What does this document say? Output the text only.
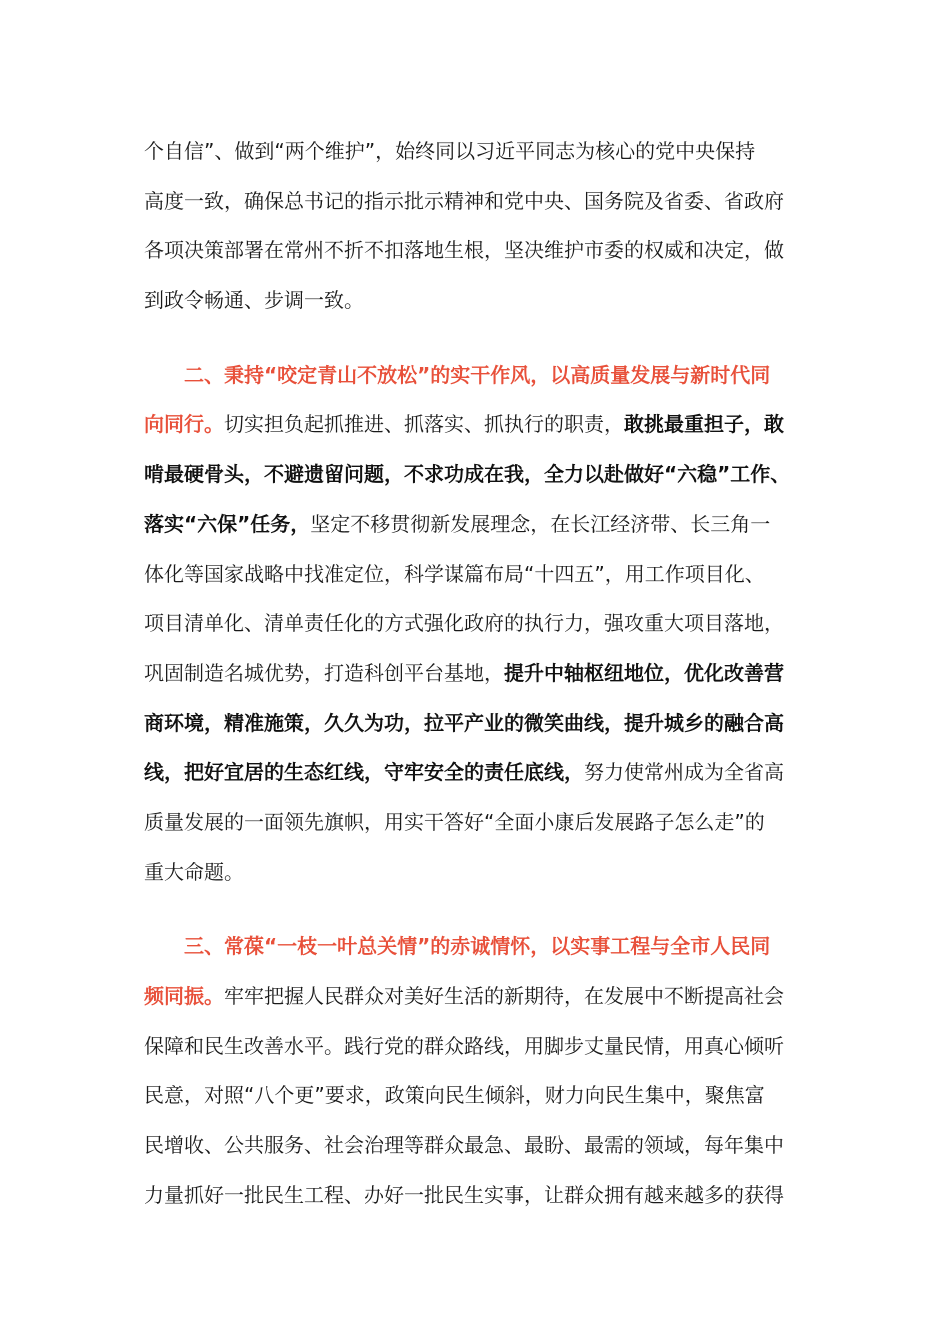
个自信”、做到“两个维护”，始终同以习近平同志为核心的党中央保持
高度一致，确保总书记的指示批示精神和党中央、国务院及省委、省政府
各项决策部署在常州不折不扣落地生根，坚决维护市委的权威和决定，做
到政令畅通、步调一致。
二、秉持“咬定青山不放松”的实干作风，以高质量发展与新时代同
向同行。切实担负起抓推进、抓落实、抓执行的职责，敢挑最重担子，敢
啃最硬骨头，不避遗留问题，不求功成在我，全力以赴做好“六稳”工作、
落实“六保”任务，坚定不移贯彻新发展理念，在长江经济带、长三角一
体化等国家战略中找准定位，科学谋篇布局“十四五”，用工作项目化、
项目清单化、清单责任化的方式强化政府的执行力，强攻重大项目落地，
巩固制造名城优势，打造科创平台基地，提升中轴枢纽地位，优化改善营
商环境，精准施策，久久为功，拉平产业的微笑曲线，提升城乡的融合高
线，把好宜居的生态红线，守牢安全的责任底线，努力使常州成为全省高
质量发展的一面领先旗帜，用实干答好“全面小康后发展路子怎么走”的
重大命题。
三、常葆“一枝一叶总关情”的赤诚情怀，以实事工程与全市人民同
频同振。牢牢把握人民群众对美好生活的新期待，在发展中不断提高社会
保障和民生改善水平。践行党的群众路线，用脚步丈量民情，用真心倾听
民意，对照“八个更”要求，政策向民生倾斜，财力向民生集中，聚焦富
民增收、公共服务、社会治理等群众最急、最盼、最需的领域，每年集中
力量抓好一批民生工程、办好一批民生实事，让群众拥有越来越多的获得
